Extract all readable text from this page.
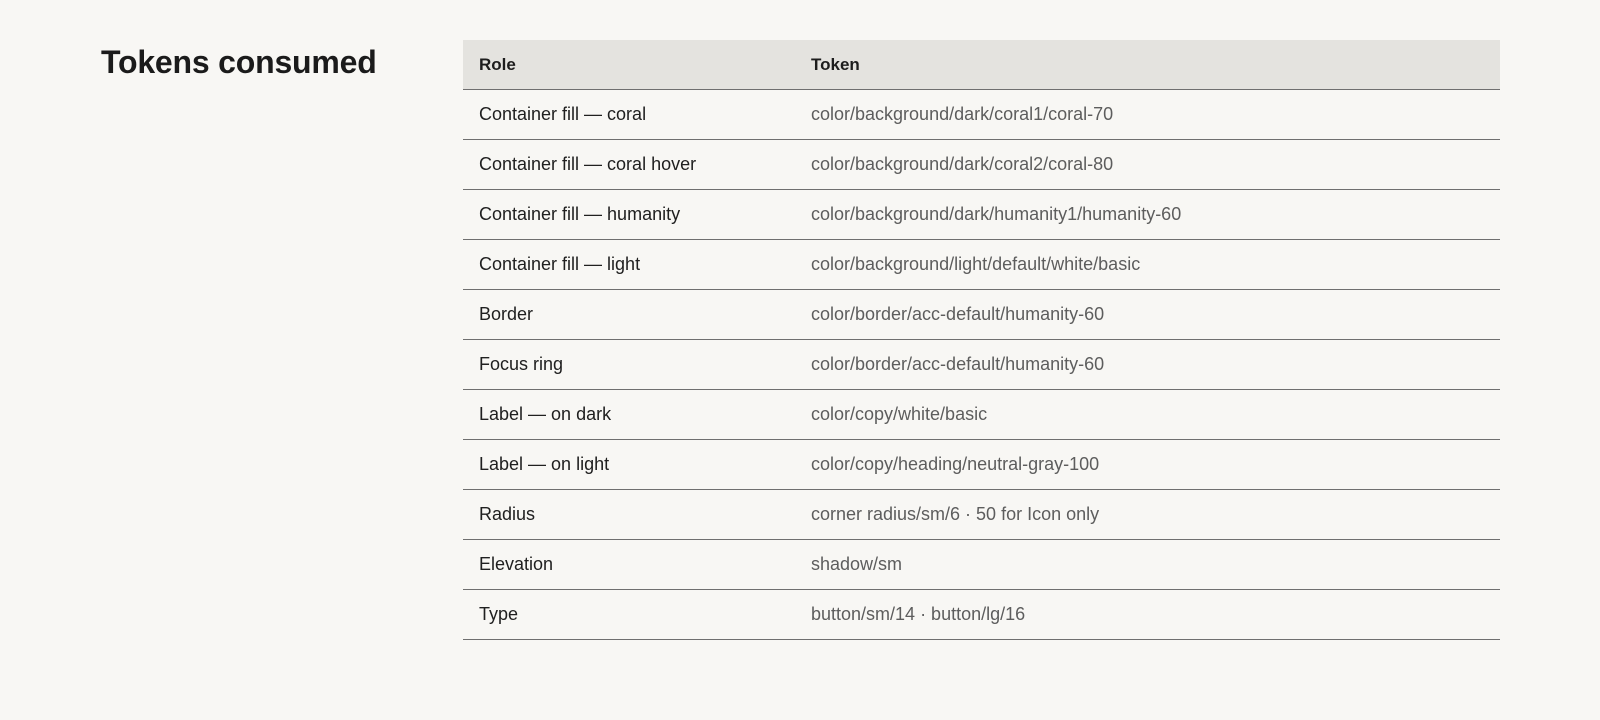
Tokens consumed	Role	Token
Container fill — coral	color/background/dark/coral1/coral-70
Container fill — coral hover	color/background/dark/coral2/coral-80
Container fill — humanity	color/background/dark/humanity1/humanity-60
Container fill — light	color/background/light/default/white/basic
Border	color/border/acc-default/humanity-60
Focus ring	color/border/acc-default/humanity-60
Label — on dark	color/copy/white/basic
Label — on light	color/copy/heading/neutral-gray-100
Radius	corner radius/sm/6 · 50 for Icon only
Elevation	shadow/sm
Type	button/sm/14 · button/lg/16
